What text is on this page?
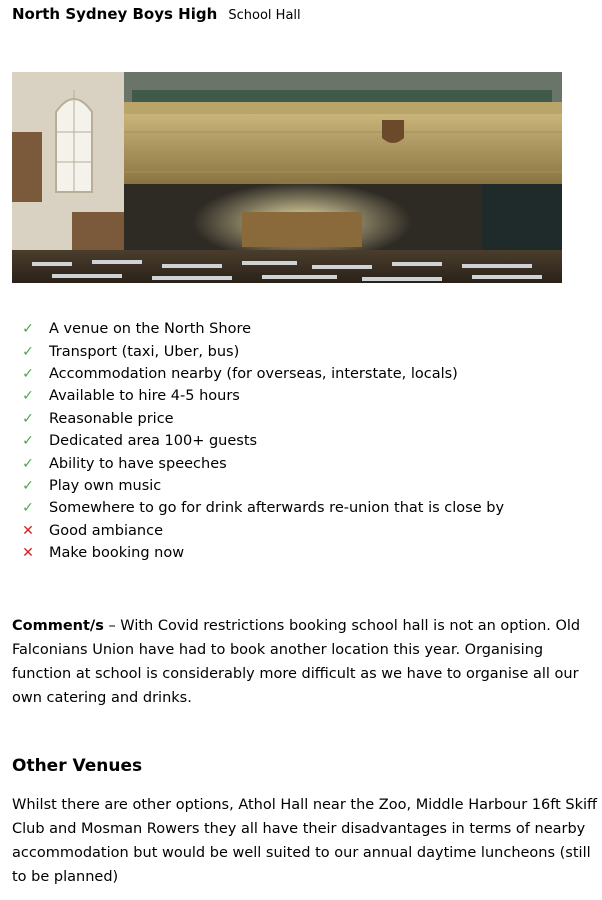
North Sydney Boys High School Hall
✓ A venue on the North Shore
✓ Transport (taxi, Uber, bus)
✓ Accommodation nearby (for overseas, interstate, locals)
✓ Available to hire 4-5 hours
✓ Reasonable price
✓ Dedicated area 100+ guests
✓ Ability to have speeches
✓ Play own music
✓ Somewhere to go for drink afterwards re-union that is close by
✕ Good ambiance
✕ Make booking now

Comment/s – With Covid restrictions booking school hall is not an option. Old Falconians Union have had to book another location this year. Organising function at school is considerably more difficult as we have to organise all our own catering and drinks.

Other Venues

Whilst there are other options, Athol Hall near the Zoo, Middle Harbour 16ft Skiff Club and Mosman Rowers they all have their disadvantages in terms of nearby accommodation but would be well suited to our annual daytime luncheons (still to be planned)
